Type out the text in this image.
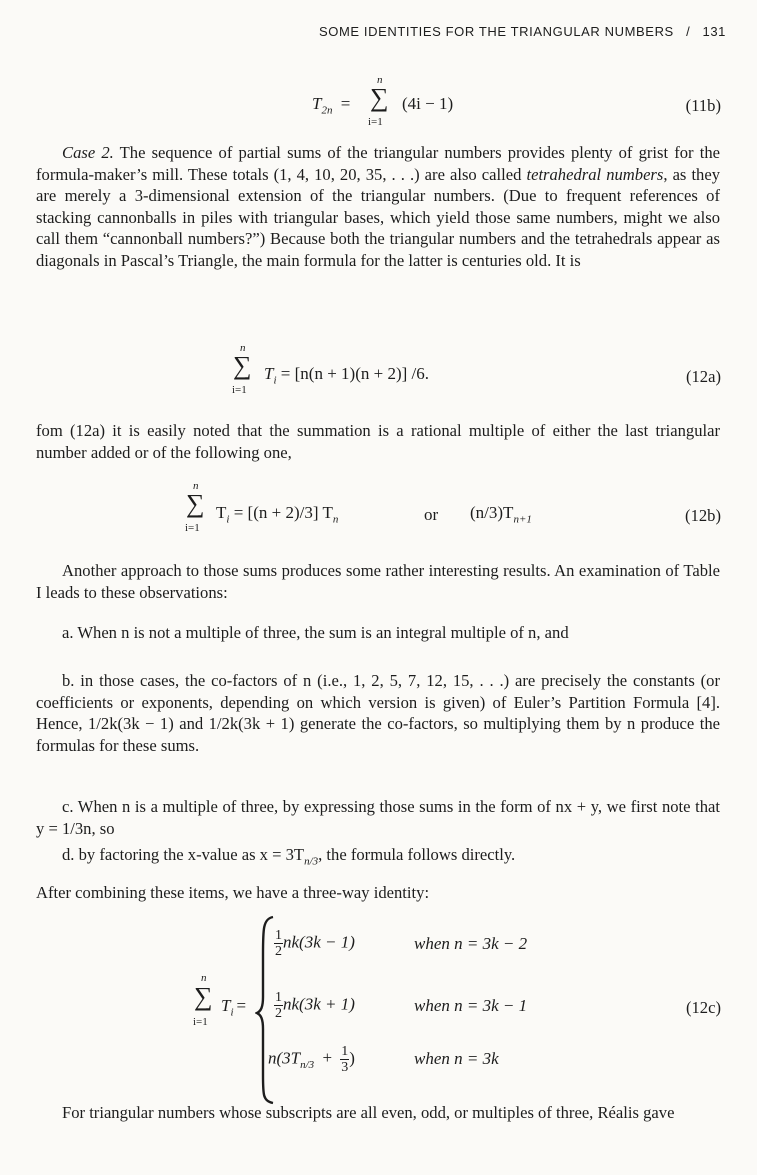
SOME IDENTITIES FOR THE TRIANGULAR NUMBERS / 131
$T_{2n}$ =
n
∑
i=1
(4i − 1)	(11b)
Case 2. The sequence of partial sums of the triangular numbers provides plenty of grist for the formula-maker’s mill. These totals (1, 4, 10, 20, 35, . . .) are also called tetrahedral numbers, as they are merely a 3-dimensional extension of the triangular numbers. (Due to frequent references of stacking cannonballs in piles with triangular bases, which yield those same numbers, might we also call them “cannonball numbers?”) Because both the triangular numbers and the tetrahedrals appear as diagonals in Pascal’s Triangle, the main formula for the latter is centuries old. It is
n
∑
i=1
$T_i = [n(n + 1)(n + 2)]$ /6.	(12a)
fom (12a) it is easily noted that the summation is a rational multiple of either the last triangular number added or of the following one,
n
∑
i=1
$T_i = [(n + 2)/3]$ $T_n$	or $(n/3)T_{n+1}$	(12b)
Another approach to those sums produces some rather interesting results. An examination of Table I leads to these observations:
a. When n is not a multiple of three, the sum is an integral multiple of n, and
b. in those cases, the co-factors of n (i.e., 1, 2, 5, 7, 12, 15, . . .) are precisely the constants (or coefficients or exponents, depending on which version is given) of Euler’s Partition Formula [4]. Hence, 1/2k(3k − 1) and 1/2k(3k + 1) generate the co-factors, so multiplying them by n produce the formulas for these sums.
c. When n is a multiple of three, by expressing those sums in the form of nx + y, we first note that y = 1/3n, so
d. by factoring the x-value as $x = 3T_{n/3}$, the formula follows directly.
After combining these items, we have a three-way identity:
n
∑
i=1
$T_i$ =
$\frac{1}{2} nk(3k - 1)$	when n = 3k − 2
$\frac{1}{2} nk(3k + 1)$	when n = 3k − 1
$n(3T_{n/3} + \frac{1}{3}$ )	when n = 3k
(12c)
For triangular numbers whose subscripts are all even, odd, or multiples of three, Réalis gave
